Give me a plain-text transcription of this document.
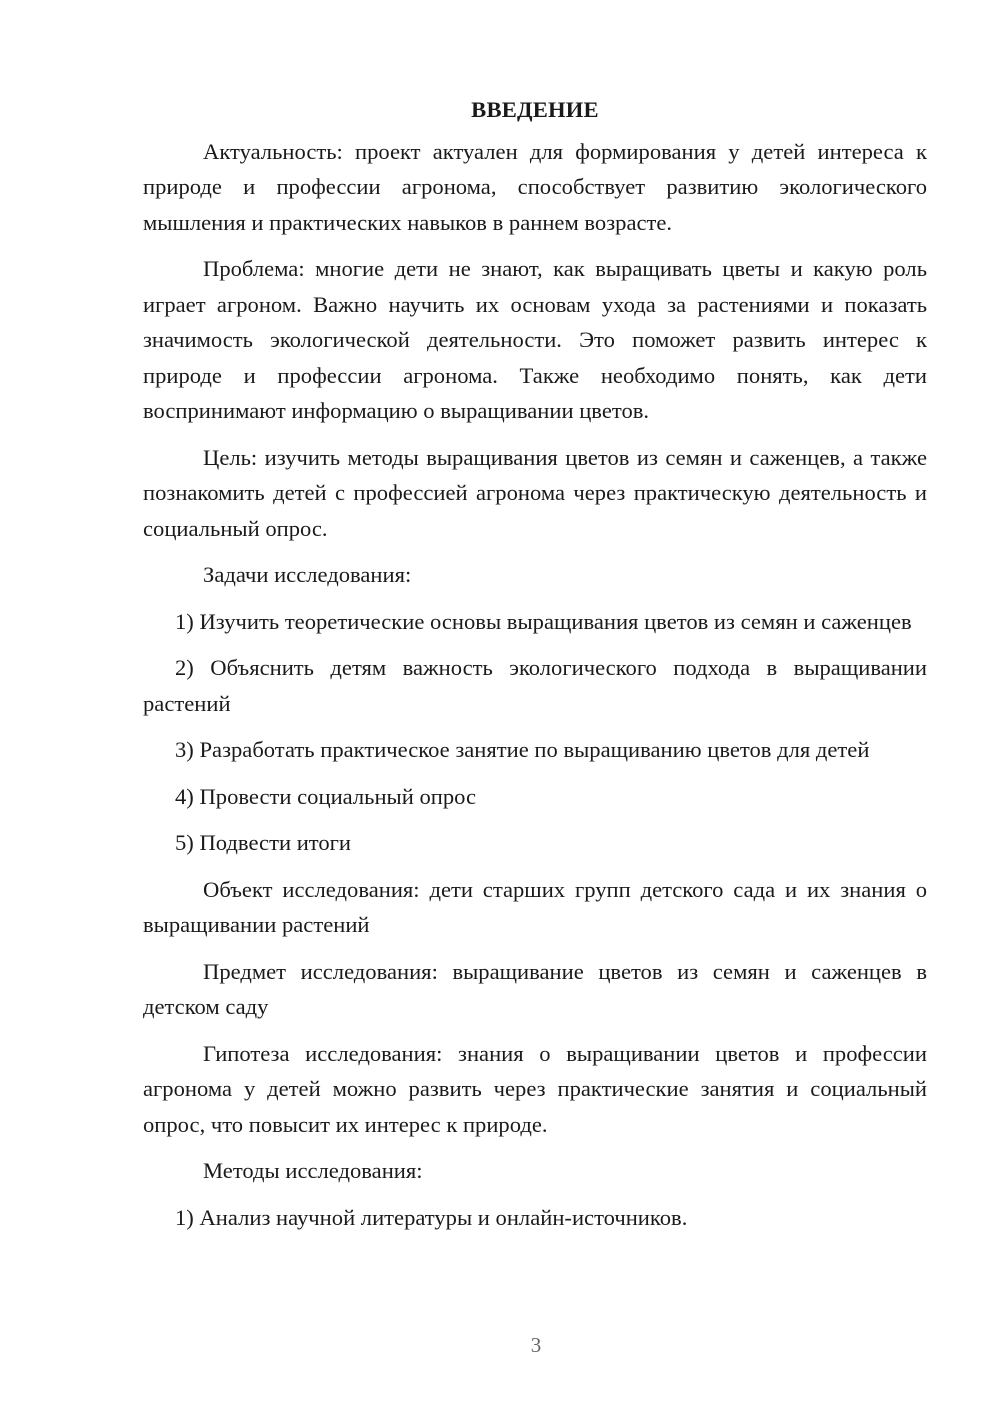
ВВЕДЕНИЕ

Актуальность: проект актуален для формирования у детей интереса к природе и профессии агронома, способствует развитию экологического мышления и практических навыков в раннем возрасте.

Проблема: многие дети не знают, как выращивать цветы и какую роль играет агроном. Важно научить их основам ухода за растениями и показать значимость экологической деятельности. Это поможет развить интерес к природе и профессии агронома. Также необходимо понять, как дети воспринимают информацию о выращивании цветов.

Цель: изучить методы выращивания цветов из семян и саженцев, а также познакомить детей с профессией агронома через практическую деятельность и социальный опрос.

Задачи исследования:

1) Изучить теоретические основы выращивания цветов из семян и саженцев

2) Объяснить детям важность экологического подхода в выращивании растений

3) Разработать практическое занятие по выращиванию цветов для детей

4) Провести социальный опрос

5) Подвести итоги

Объект исследования: дети старших групп детского сада и их знания о выращивании растений

Предмет исследования: выращивание цветов из семян и саженцев в детском саду

Гипотеза исследования: знания о выращивании цветов и профессии агронома у детей можно развить через практические занятия и социальный опрос, что повысит их интерес к природе.

Методы исследования:

1) Анализ научной литературы и онлайн-источников.

3
